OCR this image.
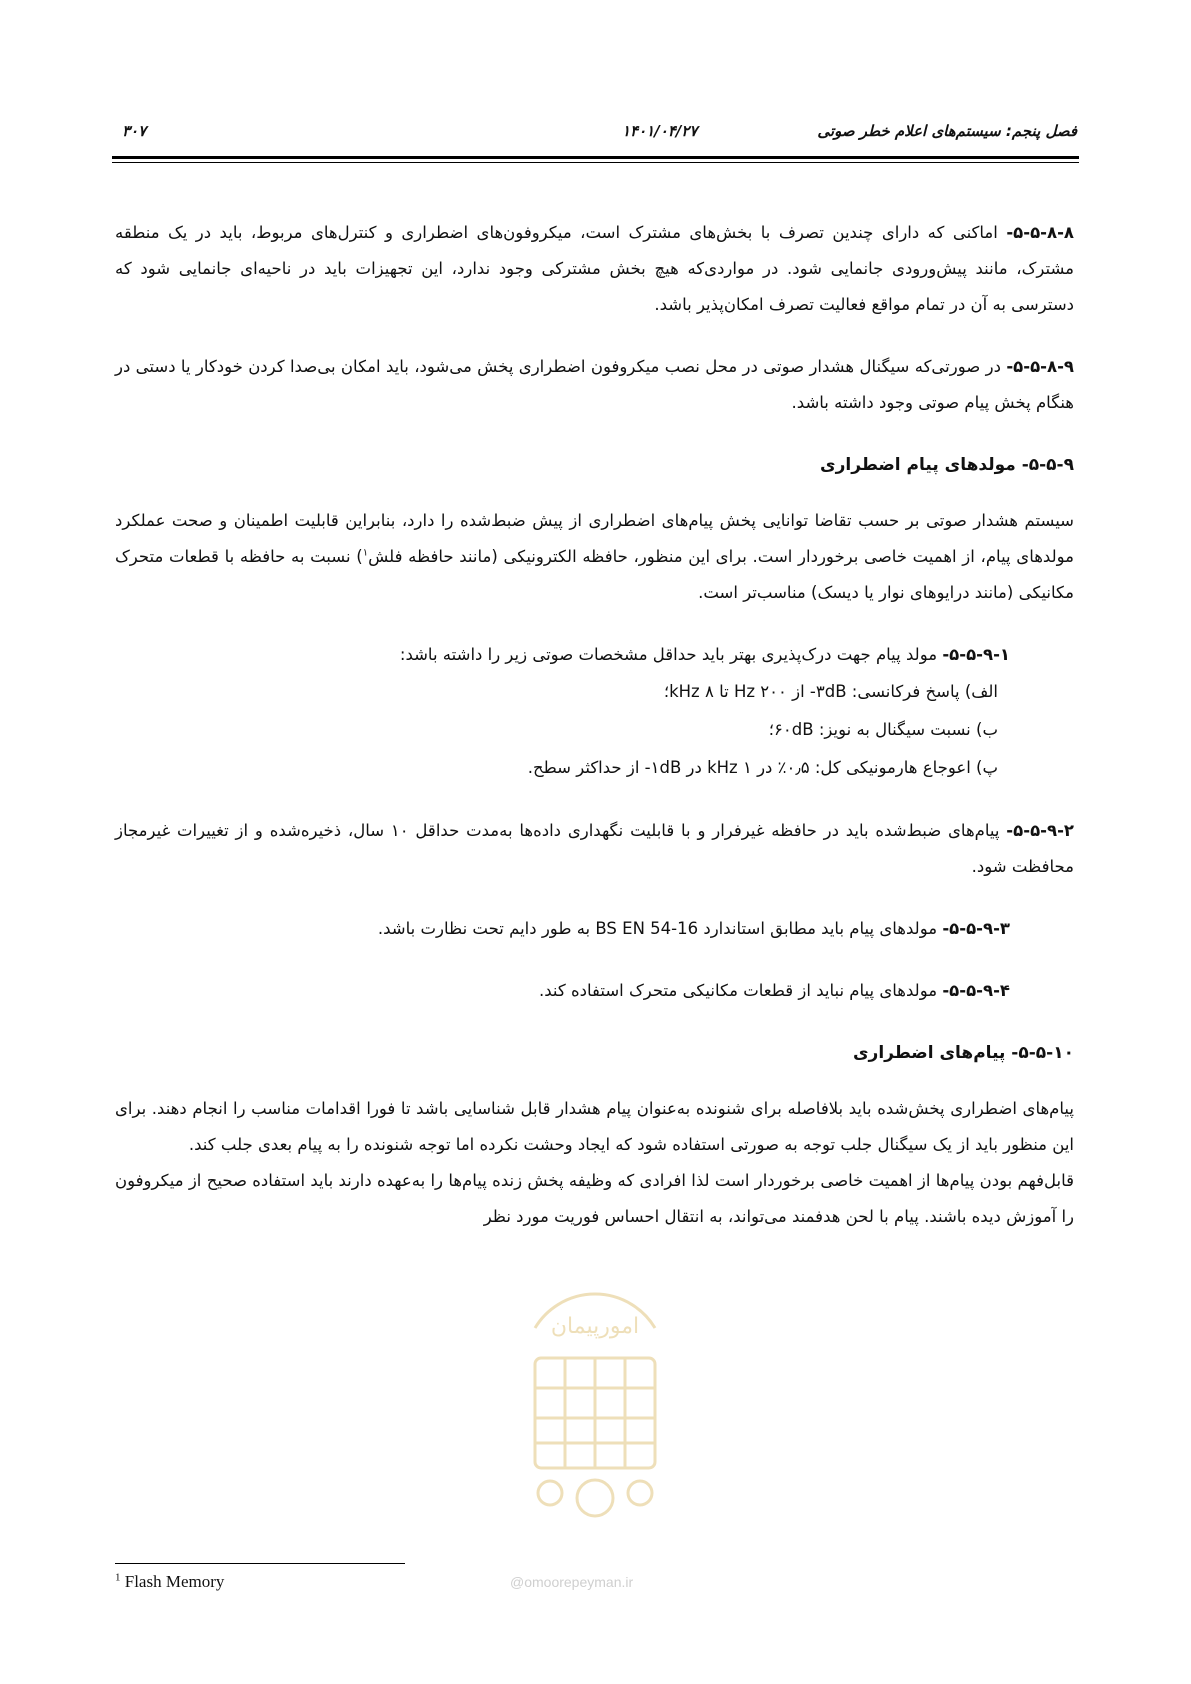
۳۰۷	۱۴۰۱/۰۴/۲۷	فصل پنجم: سیستم‌های اعلام خطر صوتی
امورپیمان

۵-۵-۸-۸- اماکنی که دارای چندین تصرف با بخش‌های مشترک است، میکروفون‌های اضطراری و کنترل‌های مربوط، باید در یک منطقه مشترک، مانند پیش‌ورودی جانمایی شود. در مواردی‌که هیچ بخش مشترکی وجود ندارد، این تجهیزات باید در ناحیه‌ای جانمایی شود که دسترسی به آن در تمام مواقع فعالیت تصرف امکان‌پذیر باشد.

۵-۵-۸-۹- در صورتی‌که سیگنال هشدار صوتی در محل نصب میکروفون اضطراری پخش می‌شود، باید امکان بی‌صدا کردن خودکار یا دستی در هنگام پخش پیام صوتی وجود داشته باشد.

۵-۵-۹- مولدهای پیام اضطراری

سیستم هشدار صوتی بر حسب تقاضا توانایی پخش پیام‌های اضطراری از پیش ضبط‌شده را دارد، بنابراین قابلیت اطمینان و صحت عملکرد مولدهای پیام، از اهمیت خاصی برخوردار است. برای این منظور، حافظه الکترونیکی (مانند حافظه فلش$^۱$) نسبت به حافظه با قطعات متحرک مکانیکی (مانند درایوهای نوار یا دیسک) مناسب‌تر است.

۵-۵-۹-۱- مولد پیام جهت درک‌پذیری بهتر باید حداقل مشخصات صوتی زیر را داشته باشد:

الف) پاسخ فرکانسی: ۳dB- از ۲۰۰ Hz تا ۸ kHz؛

ب) نسبت سیگنال به نویز: ۶۰dB؛

پ) اعوجاع هارمونیکی کل: ۰٫۵٪ در ۱ kHz در ۱dB- از حداکثر سطح.

۵-۵-۹-۲- پیام‌های ضبط‌شده باید در حافظه غیرفرار و با قابلیت نگهداری داده‌ها به‌مدت حداقل ۱۰ سال، ذخیره‌شده و از تغییرات غیرمجاز محافظت شود.

۵-۵-۹-۳- مولدهای پیام باید مطابق استاندارد BS EN 54-16 به طور دایم تحت نظارت باشد.

۵-۵-۹-۴- مولدهای پیام نباید از قطعات مکانیکی متحرک استفاده کند.

۵-۵-۱۰- پیام‌های اضطراری

پیام‌های اضطراری پخش‌شده باید بلافاصله برای شنونده به‌عنوان پیام هشدار قابل شناسایی باشد تا فورا اقدامات مناسب را انجام دهند. برای این منظور باید از یک سیگنال جلب توجه به صورتی استفاده شود که ایجاد وحشت نکرده اما توجه شنونده را به پیام بعدی جلب کند.

قابل‌فهم بودن پیام‌ها از اهمیت خاصی برخوردار است لذا افرادی که وظیفه پخش زنده پیام‌ها را به‌عهده دارند باید استفاده صحیح از میکروفون را آموزش دیده باشند. پیام با لحن هدفمند می‌تواند، به انتقال احساس فوریت مورد نظر

$^1$ Flash Memory	@omoorepeyman.ir
